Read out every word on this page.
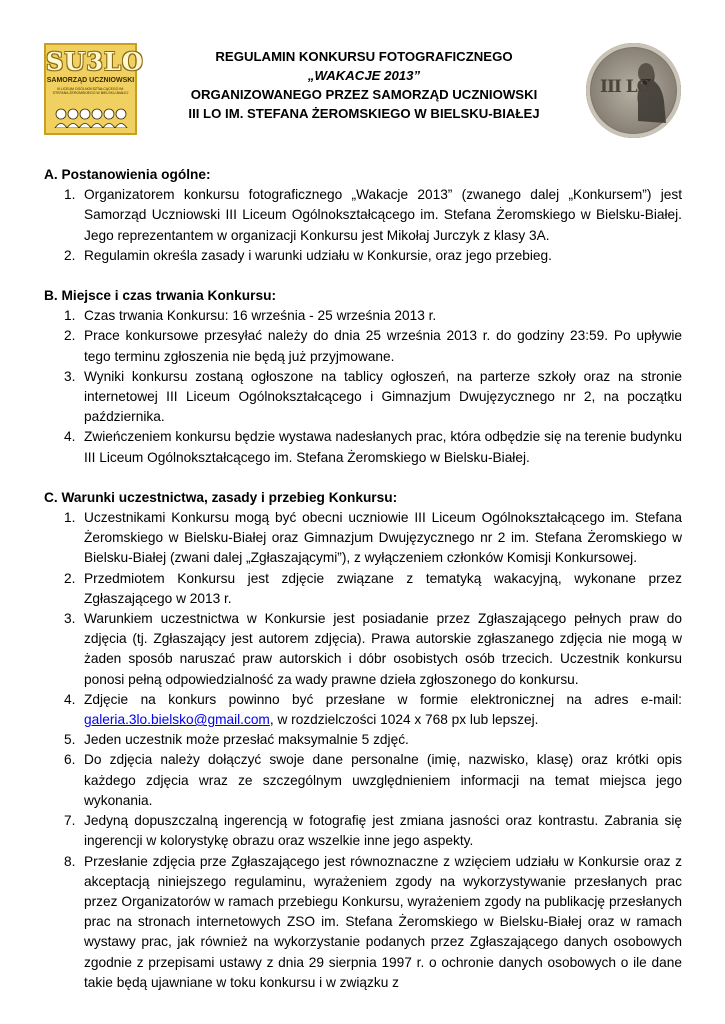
SU3LO
SAMORZĄD UCZNIOWSKI
III LICEUM OGÓLNOKSZTAŁCĄCEGO IM. STEFANA ŻEROMSKIEGO W BIELSKU-BIAŁEJ
REGULAMIN KONKURSU FOTOGRAFICZNEGO
„WAKACJE 2013”
ORGANIZOWANEGO PRZEZ SAMORZĄD UCZNIOWSKI
III LO IM. STEFANA ŻEROMSKIEGO W BIELSKU-BIAŁEJ
III LO
A. Postanowienia ogólne:
1. Organizatorem konkursu fotograficznego „Wakacje 2013” (zwanego dalej „Konkursem”) jest Samorząd Uczniowski III Liceum Ogólnokształcącego im. Stefana Żeromskiego w Bielsku-Białej. Jego reprezentantem w organizacji Konkursu jest Mikołaj Jurczyk z klasy 3A.
2. Regulamin określa zasady i warunki udziału w Konkursie, oraz jego przebieg.
B. Miejsce i czas trwania Konkursu:
1. Czas trwania Konkursu: 16 września - 25 września 2013 r.
2. Prace konkursowe przesyłać należy do dnia 25 września 2013 r. do godziny 23:59. Po upływie tego terminu zgłoszenia nie będą już przyjmowane.
3. Wyniki konkursu zostaną ogłoszone na tablicy ogłoszeń, na parterze szkoły oraz na stronie internetowej III Liceum Ogólnokształcącego i Gimnazjum Dwujęzycznego nr 2, na początku października.
4. Zwieńczeniem konkursu będzie wystawa nadesłanych prac, która odbędzie się na terenie budynku III Liceum Ogólnokształcącego im. Stefana Żeromskiego w Bielsku-Białej.
C. Warunki uczestnictwa, zasady i przebieg Konkursu:
1. Uczestnikami Konkursu mogą być obecni uczniowie III Liceum Ogólnokształcącego im. Stefana Żeromskiego w Bielsku-Białej oraz Gimnazjum Dwujęzycznego nr 2 im. Stefana Żeromskiego w Bielsku-Białej (zwani dalej „Zgłaszającymi”), z wyłączeniem członków Komisji Konkursowej.
2. Przedmiotem Konkursu jest zdjęcie związane z tematyką wakacyjną, wykonane przez Zgłaszającego w 2013 r.
3. Warunkiem uczestnictwa w Konkursie jest posiadanie przez Zgłaszającego pełnych praw do zdjęcia (tj. Zgłaszający jest autorem zdjęcia). Prawa autorskie zgłaszanego zdjęcia nie mogą w żaden sposób naruszać praw autorskich i dóbr osobistych osób trzecich. Uczestnik konkursu ponosi pełną odpowiedzialność za wady prawne dzieła zgłoszonego do konkursu.
4. Zdjęcie na konkurs powinno być przesłane w formie elektronicznej na adres e-mail: galeria.3lo.bielsko@gmail.com, w rozdzielczości 1024 x 768 px lub lepszej.
5. Jeden uczestnik może przesłać maksymalnie 5 zdjęć.
6. Do zdjęcia należy dołączyć swoje dane personalne (imię, nazwisko, klasę) oraz krótki opis każdego zdjęcia wraz ze szczególnym uwzględnieniem informacji na temat miejsca jego wykonania.
7. Jedyną dopuszczalną ingerencją w fotografię jest zmiana jasności oraz kontrastu. Zabrania się ingerencji w kolorystykę obrazu oraz wszelkie inne jego aspekty.
8. Przesłanie zdjęcia prze Zgłaszającego jest równoznaczne z wzięciem udziału w Konkursie oraz z akceptacją niniejszego regulaminu, wyrażeniem zgody na wykorzystywanie przesłanych prac przez Organizatorów w ramach przebiegu Konkursu, wyrażeniem zgody na publikację przesłanych prac na stronach internetowych ZSO im. Stefana Żeromskiego w Bielsku-Białej oraz w ramach wystawy prac, jak również na wykorzystanie podanych przez Zgłaszającego danych osobowych zgodnie z przepisami ustawy z dnia 29 sierpnia 1997 r. o ochronie danych osobowych o ile dane takie będą ujawniane w toku konkursu i w związku z
